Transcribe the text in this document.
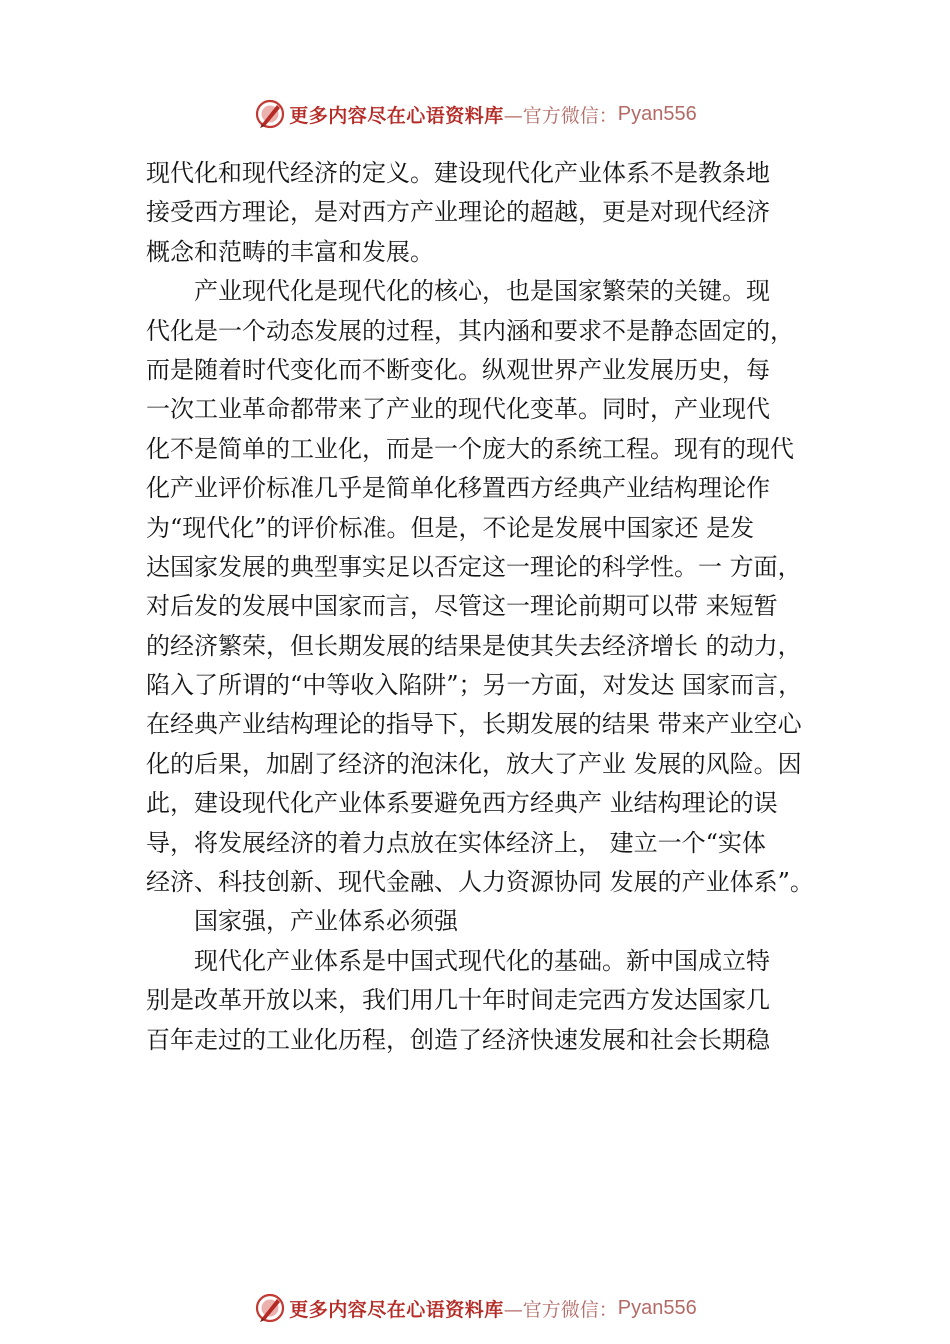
更多内容尽在心语资料库 —官方微信： Pyan556
现代化和现代经济的定义。建设现代化产业体系不是教条地
接受西方理论，是对西方产业理论的超越，更是对现代经济
概念和范畴的丰富和发展。
　　产业现代化是现代化的核心，也是国家繁荣的关键。现
代化是一个动态发展的过程，其内涵和要求不是静态固定的，
而是随着时代变化而不断变化。纵观世界产业发展历史，每
一次工业革命都带来了产业的现代化变革。同时，产业现代
化不是简单的工业化，而是一个庞大的系统工程。现有的现代
化产业评价标准几乎是简单化移置西方经典产业结构理论作
为“现代化”的评价标准。但是，不论是发展中国家还 是发
达国家发展的典型事实足以否定这一理论的科学性。一 方面，
对后发的发展中国家而言，尽管这一理论前期可以带 来短暂
的经济繁荣，但长期发展的结果是使其失去经济增长 的动力，
陷入了所谓的“中等收入陷阱”；另一方面，对发达 国家而言，
在经典产业结构理论的指导下，长期发展的结果 带来产业空心
化的后果，加剧了经济的泡沫化，放大了产业 发展的风险。因
此，建设现代化产业体系要避免西方经典产 业结构理论的误
导，将发展经济的着力点放在实体经济上， 建立一个“实体
经济、科技创新、现代金融、人力资源协同 发展的产业体系”。
　　国家强，产业体系必须强
　　现代化产业体系是中国式现代化的基础。新中国成立特
别是改革开放以来，我们用几十年时间走完西方发达国家几
百年走过的工业化历程，创造了经济快速发展和社会长期稳
更多内容尽在心语资料库 —官方微信： Pyan556
